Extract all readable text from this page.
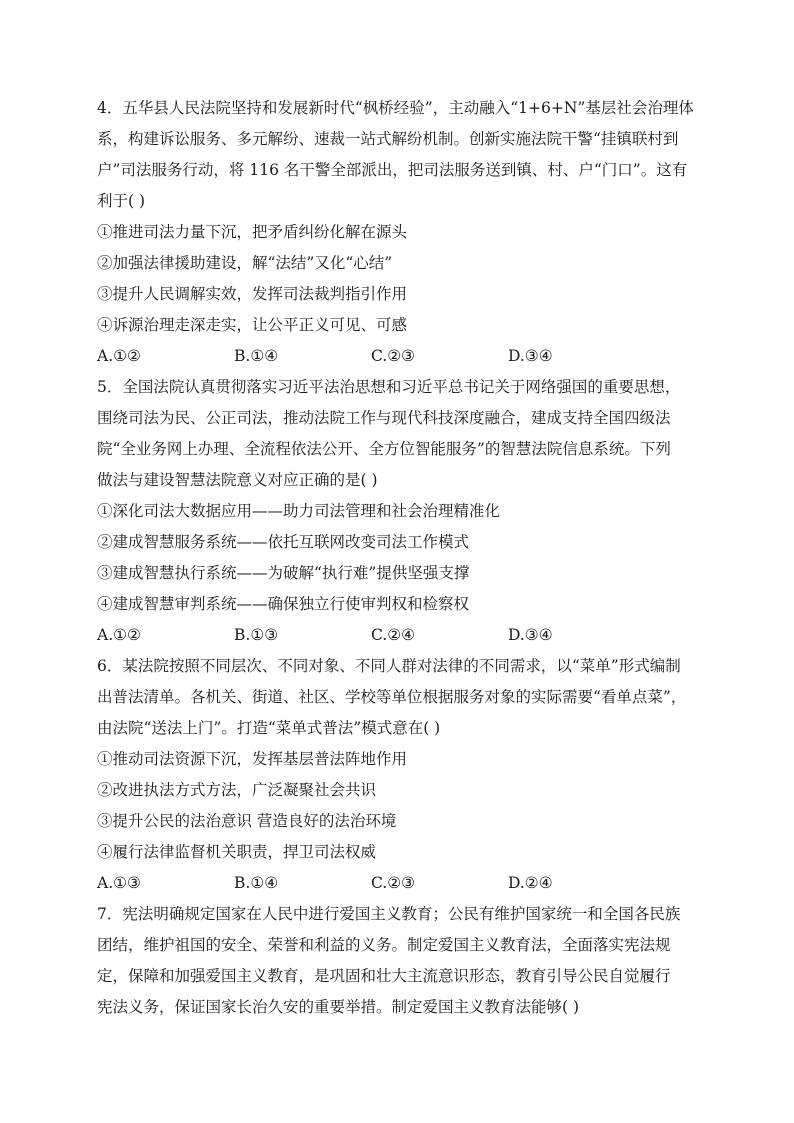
4．五华县人民法院坚持和发展新时代“枫桥经验”，主动融入“1+6+N”基层社会治理体
系，构建诉讼服务、多元解纷、速裁一站式解纷机制。创新实施法院干警“挂镇联村到
户”司法服务行动，将 116 名干警全部派出，把司法服务送到镇、村、户“门口”。这有
利于( )
①推进司法力量下沉，把矛盾纠纷化解在源头
②加强法律援助建设，解“法结”又化“心结”
③提升人民调解实效，发挥司法裁判指引作用
④诉源治理走深走实，让公平正义可见、可感
A.①②	B.①④	C.②③	D.③④
5．全国法院认真贯彻落实习近平法治思想和习近平总书记关于网络强国的重要思想，
围绕司法为民、公正司法，推动法院工作与现代科技深度融合，建成支持全国四级法
院“全业务网上办理、全流程依法公开、全方位智能服务”的智慧法院信息系统。下列
做法与建设智慧法院意义对应正确的是( )
①深化司法大数据应用——助力司法管理和社会治理精准化
②建成智慧服务系统——依托互联网改变司法工作模式
③建成智慧执行系统——为破解“执行难”提供坚强支撑
④建成智慧审判系统——确保独立行使审判权和检察权
A.①②	B.①③	C.②④	D.③④
6．某法院按照不同层次、不同对象、不同人群对法律的不同需求，以“菜单”形式编制
出普法清单。各机关、街道、社区、学校等单位根据服务对象的实际需要“看单点菜”，
由法院“送法上门”。打造“菜单式普法”模式意在( )
①推动司法资源下沉，发挥基层普法阵地作用
②改进执法方式方法，广泛凝聚社会共识
③提升公民的法治意识 营造良好的法治环境
④履行法律监督机关职责，捍卫司法权威
A.①③	B.①④	C.②③	D.②④
7．宪法明确规定国家在人民中进行爱国主义教育；公民有维护国家统一和全国各民族
团结，维护祖国的安全、荣誉和利益的义务。制定爱国主义教育法，全面落实宪法规
定，保障和加强爱国主义教育，是巩固和壮大主流意识形态，教育引导公民自觉履行
宪法义务，保证国家长治久安的重要举措。制定爱国主义教育法能够( )
